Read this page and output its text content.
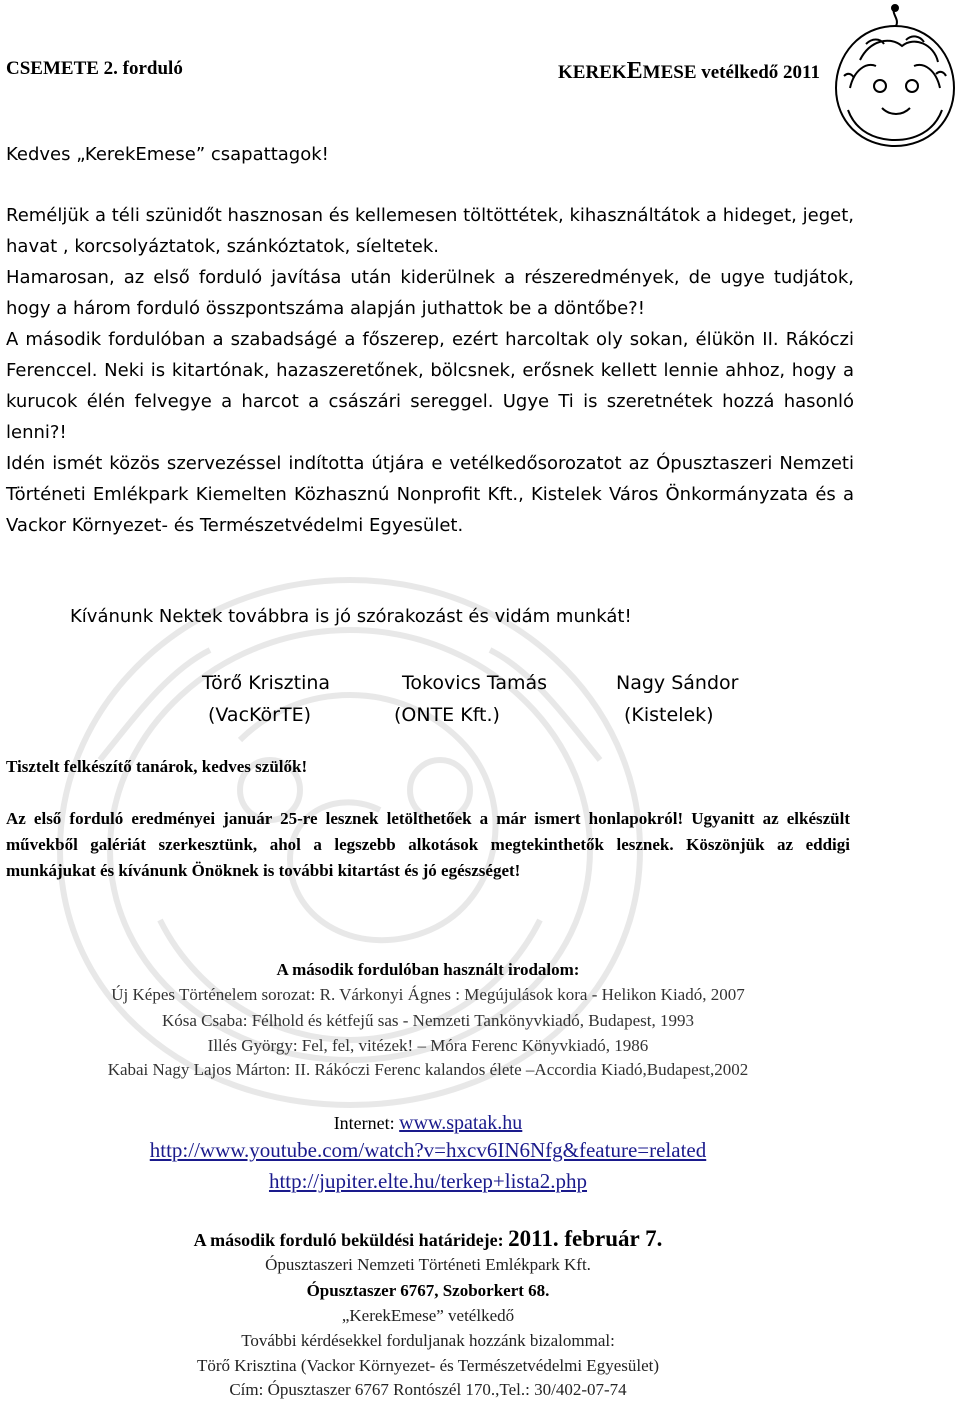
CSEMETE 2. forduló	KEREKEMESE vetélkedő 2011
Kedves „KerekEmese” csapattagok!

Reméljük a téli szünidőt hasznosan és kellemesen töltöttétek, kihasználtátok a hideget, jeget, havat , korcsolyáztatok, szánkóztatok, síeltetek.

Hamarosan, az első forduló javítása után kiderülnek a részeredmények, de ugye tudjátok, hogy a három forduló összpontszáma alapján juthattok be a döntőbe?!

A második fordulóban a szabadságé a főszerep, ezért harcoltak oly sokan, élükön II. Rákóczi Ferenccel. Neki is kitartónak, hazaszeretőnek, bölcsnek, erősnek kellett lennie ahhoz, hogy a kurucok élén felvegye a harcot a császári sereggel. Ugye Ti is szeretnétek hozzá hasonló lenni?!

Idén ismét közös szervezéssel indította útjára e vetélkedősorozatot az Ópusztaszeri Nemzeti Történeti Emlékpark Kiemelten Közhasznú Nonprofit Kft., Kistelek Város Önkormányzata és a Vackor Környezet- és Természetvédelmi Egyesület.

Kívánunk Nektek továbbra is jó szórakozást és vidám munkát!
Törő Krisztina
(VacKörTE)
Tokovics Tamás
(ONTE Kft.)
Nagy Sándor
(Kistelek)
Tisztelt felkészítő tanárok, kedves szülők!
Az első forduló eredményei január 25-re lesznek letölthetőek a már ismert honlapokról! Ugyanitt az elkészült művekből galériát szerkesztünk, ahol a legszebb alkotások megtekinthetők lesznek. Köszönjük az eddigi munkájukat és kívánunk Önöknek is további kitartást és jó egészséget!
A második fordulóban használt irodalom:
Új Képes Történelem sorozat: R. Várkonyi Ágnes : Megújulások kora - Helikon Kiadó, 2007
Kósa Csaba: Félhold és kétfejű sas - Nemzeti Tankönyvkiadó, Budapest, 1993
Illés György: Fel, fel, vitézek! – Móra Ferenc Könyvkiadó, 1986
Kabai Nagy Lajos Márton: II. Rákóczi Ferenc kalandos élete –Accordia Kiadó,Budapest,2002
Internet: www.spatak.hu
http://www.youtube.com/watch?v=hxcv6IN6Nfg&feature=related
http://jupiter.elte.hu/terkep+lista2.php
A második forduló beküldési határideje: 2011. február 7.
Ópusztaszeri Nemzeti Történeti Emlékpark Kft.
Ópusztaszer 6767, Szoborkert 68.
„KerekEmese” vetélkedő
További kérdésekkel forduljanak hozzánk bizalommal:
Törő Krisztina (Vackor Környezet- és Természetvédelmi Egyesület)
Cím: Ópusztaszer 6767 Rontószél 170.,Tel.: 30/402-07-74
